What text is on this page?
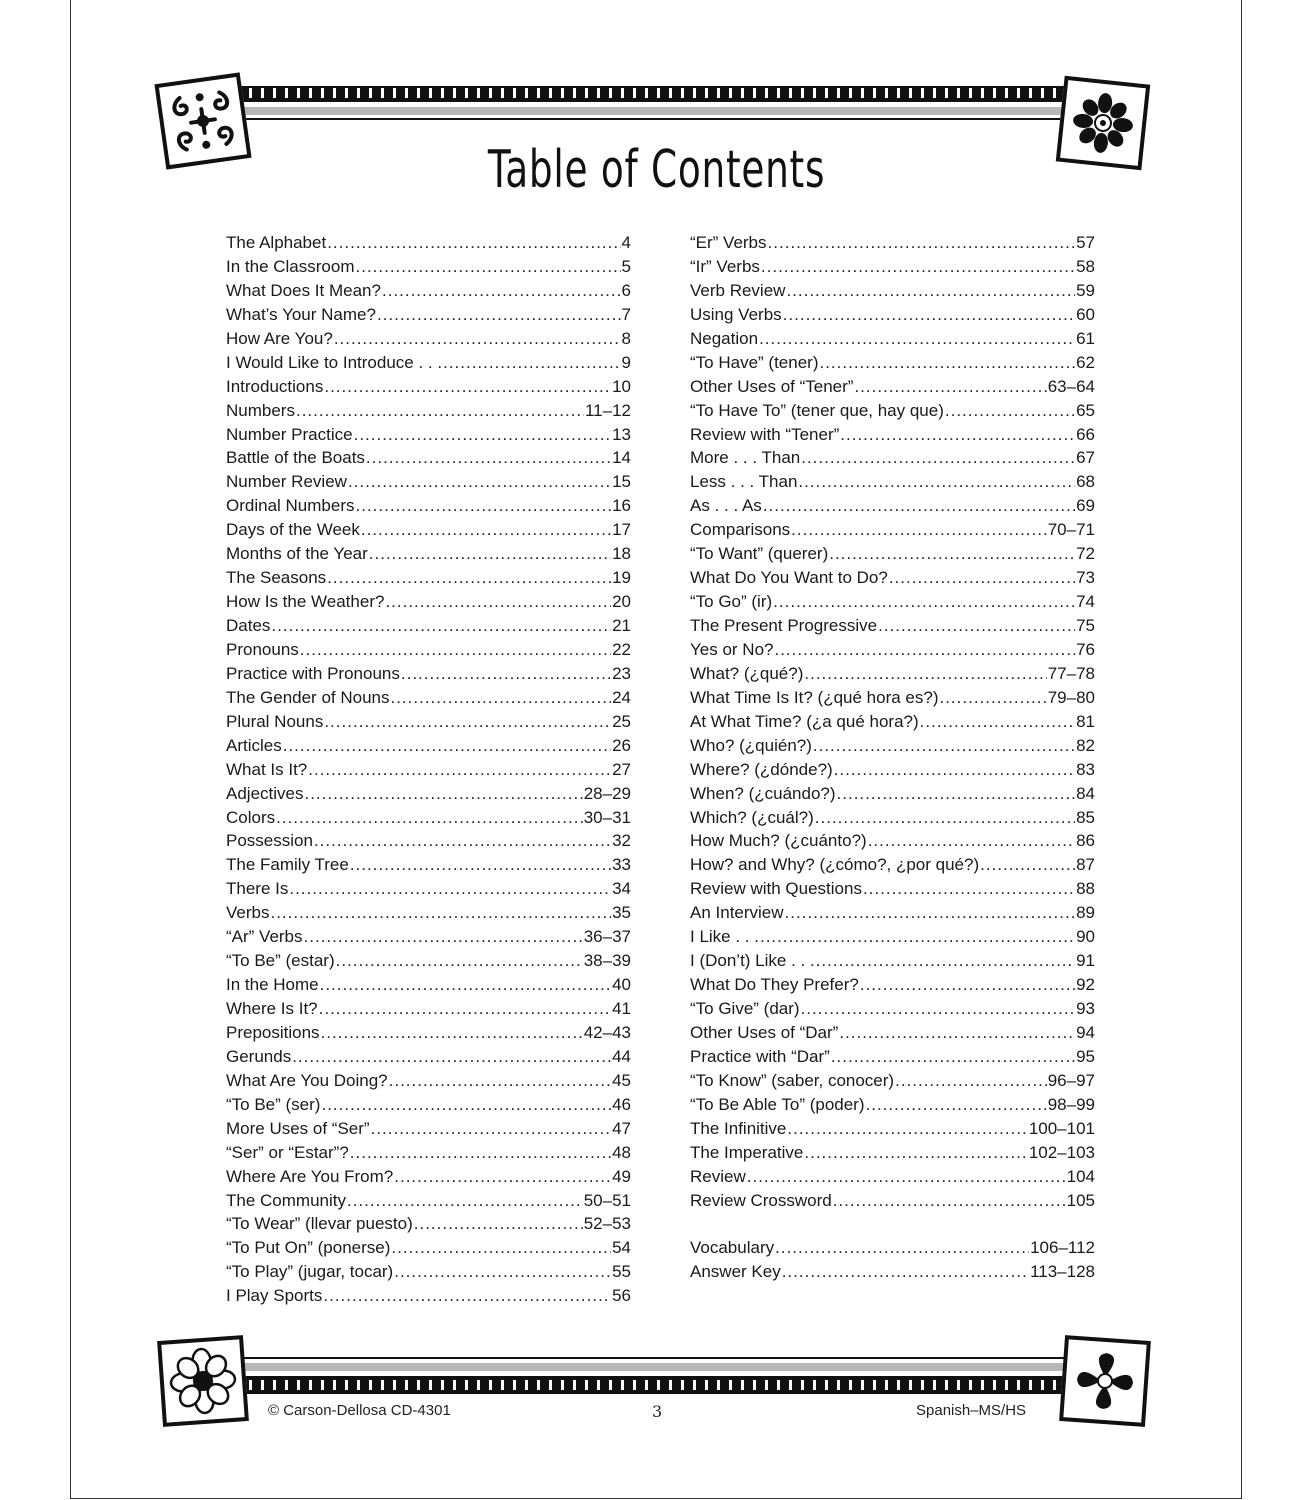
Table of Contents
The Alphabet .....	4
In the Classroom .....	5
What Does It Mean? .....	6
What’s Your Name? .....	7
How Are You? .....	8
I Would Like to Introduce . . . .....	9
Introductions .....	10
Numbers .....	11–12
Number Practice .....	13
Battle of the Boats .....	14
Number Review .....	15
Ordinal Numbers .....	16
Days of the Week .....	17
Months of the Year .....	18
The Seasons .....	19
How Is the Weather? .....	20
Dates .....	21
Pronouns .....	22
Practice with Pronouns .....	23
The Gender of Nouns .....	24
Plural Nouns .....	25
Articles .....	26
What Is It? .....	27
Adjectives .....	28–29
Colors .....	30–31
Possession .....	32
The Family Tree .....	33
There Is .....	34
Verbs .....	35
“Ar” Verbs .....	36–37
“To Be” (estar) .....	38–39
In the Home .....	40
Where Is It? .....	41
Prepositions .....	42–43
Gerunds .....	44
What Are You Doing? .....	45
“To Be” (ser) .....	46
More Uses of “Ser” .....	47
“Ser” or “Estar”? .....	48
Where Are You From? .....	49
The Community .....	50–51
“To Wear” (llevar puesto) .....	52–53
“To Put On” (ponerse) .....	54
“To Play” (jugar, tocar) .....	55
I Play Sports .....	56
“Er” Verbs .....	57
“Ir” Verbs .....	58
Verb Review .....	59
Using Verbs .....	60
Negation .....	61
“To Have” (tener) .....	62
Other Uses of “Tener” .....	63–64
“To Have To” (tener que, hay que) .....	65
Review with “Tener” .....	66
More . . . Than .....	67
Less . . . Than .....	68
As . . . As .....	69
Comparisons .....	70–71
“To Want” (querer) .....	72
What Do You Want to Do? .....	73
“To Go” (ir) .....	74
The Present Progressive .....	75
Yes or No? .....	76
What? (¿qué?) .....	77–78
What Time Is It? (¿qué hora es?) .....	79–80
At What Time? (¿a qué hora?) .....	81
Who? (¿quién?) .....	82
Where? (¿dónde?) .....	83
When? (¿cuándo?) .....	84
Which? (¿cuál?) .....	85
How Much? (¿cuánto?) .....	86
How? and Why? (¿cómo?, ¿por qué?) .....	87
Review with Questions .....	88
An Interview .....	89
I Like . . . .....	90
I (Don’t) Like . . . .....	91
What Do They Prefer? .....	92
“To Give” (dar) .....	93
Other Uses of “Dar” .....	94
Practice with “Dar” .....	95
“To Know” (saber, conocer) .....	96–97
“To Be Able To” (poder) .....	98–99
The Infinitive .....	100–101
The Imperative .....	102–103
Review .....	104
Review Crossword .....	105
Vocabulary .....	106–112
Answer Key .....	113–128
© Carson-Dellosa CD-4301	3	Spanish–MS/HS
